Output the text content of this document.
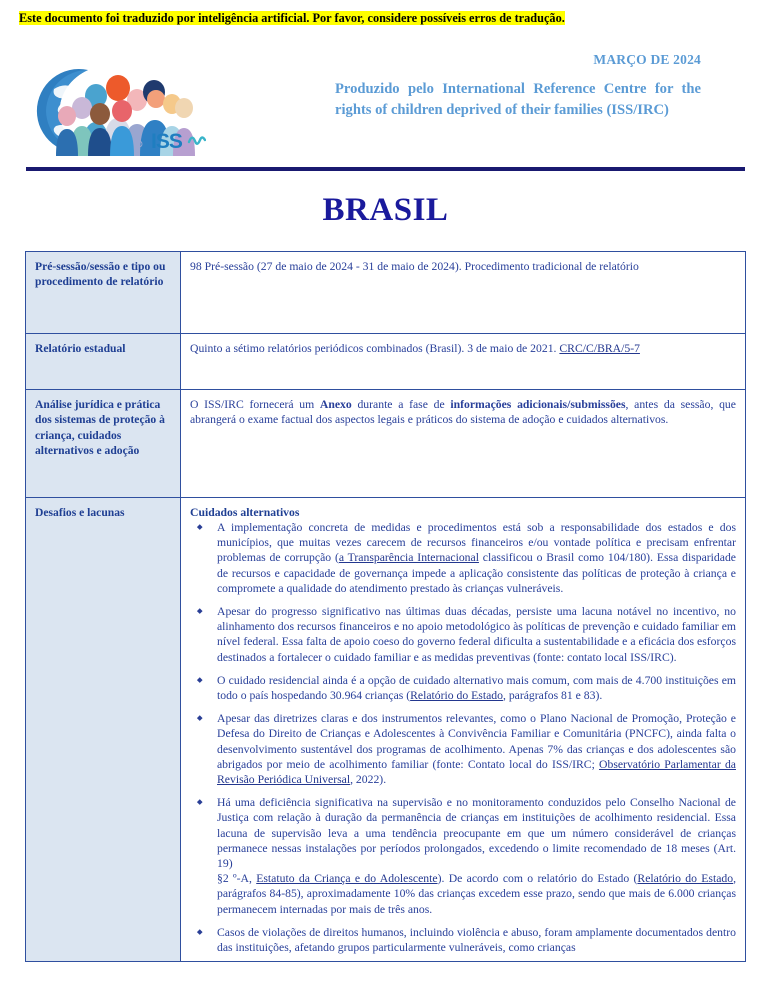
Este documento foi traduzido por inteligência artificial. Por favor, considere possíveis erros de tradução.
ISS
MARÇO DE 2024
Produzido pelo International Reference Centre for the rights of children deprived of their families (ISS/IRC)
BRASIL
Pré-sessão/sessão e tipo ou procedimento de relatório	98 Pré-sessão (27 de maio de 2024 - 31 de maio de 2024). Procedimento tradicional de relatório

Relatório estadual	Quinto a sétimo relatórios periódicos combinados (Brasil). 3 de maio de 2021. CRC/C/BRA/5-7

Análise jurídica e prática dos sistemas de proteção à criança, cuidados alternativos e adoção	O ISS/IRC fornecerá um Anexo durante a fase de informações adicionais/submissões, antes da sessão, que abrangerá o exame factual dos aspectos legais e práticos do sistema de adoção e cuidados alternativos.

Desafios e lacunas	Cuidados alternativos

A implementação concreta de medidas e procedimentos está sob a responsabilidade dos estados e dos municípios, que muitas vezes carecem de recursos financeiros e/ou vontade política e precisam enfrentar problemas de corrupção (a Transparência Internacional classificou o Brasil como 104/180). Essa disparidade de recursos e capacidade de governança impede a aplicação consistente das políticas de proteção à criança e compromete a qualidade do atendimento prestado às crianças vulneráveis.
Apesar do progresso significativo nas últimas duas décadas, persiste uma lacuna notável no incentivo, no alinhamento dos recursos financeiros e no apoio metodológico às políticas de prevenção e cuidado familiar em nível federal. Essa falta de apoio coeso do governo federal dificulta a sustentabilidade e a eficácia dos esforços destinados a fortalecer o cuidado familiar e as medidas preventivas (fonte: contato local ISS/IRC).
O cuidado residencial ainda é a opção de cuidado alternativo mais comum, com mais de 4.700 instituições em todo o país hospedando 30.964 crianças (Relatório do Estado, parágrafos 81 e 83).
Apesar das diretrizes claras e dos instrumentos relevantes, como o Plano Nacional de Promoção, Proteção e Defesa do Direito de Crianças e Adolescentes à Convivência Familiar e Comunitária (PNCFC), ainda falta o desenvolvimento sustentável dos programas de acolhimento. Apenas 7% das crianças e dos adolescentes são abrigados por meio de acolhimento familiar (fonte: Contato local do ISS/IRC; Observatório Parlamentar da Revisão Periódica Universal, 2022).
Há uma deficiência significativa na supervisão e no monitoramento conduzidos pelo Conselho Nacional de Justiça com relação à duração da permanência de crianças em instituições de acolhimento residencial. Essa lacuna de supervisão leva a uma tendência preocupante em que um número considerável de crianças permanece nessas instalações por períodos prolongados, excedendo o limite recomendado de 18 meses (Art. 19)
§2 º-A, Estatuto da Criança e do Adolescente). De acordo com o relatório do Estado (Relatório do Estado, parágrafos 84-85), aproximadamente 10% das crianças excedem esse prazo, sendo que mais de 6.000 crianças permanecem internadas por mais de três anos.
Casos de violações de direitos humanos, incluindo violência e abuso, foram amplamente documentados dentro das instituições, afetando grupos particularmente vulneráveis, como crianças
